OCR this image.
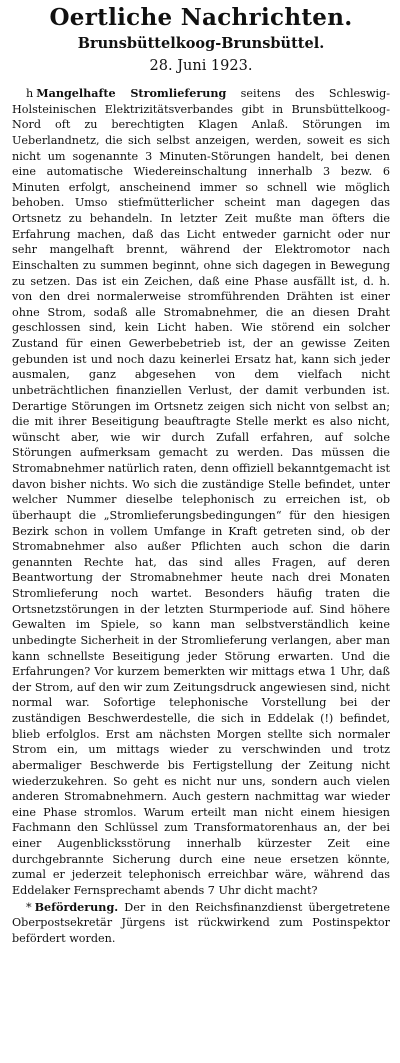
Oertliche Nachrichten.
Brunsbüttelkoog-Brunsbüttel.
28. Juni 1923.

h Mangelhafte Stromlieferung seitens des Schleswig-Holsteinischen Elektrizitätsverbandes gibt in Brunsbüttelkoog-Nord oft zu berechtigten Klagen Anlaß. Störungen im Ueberlandnetz, die sich selbst anzeigen, werden, soweit es sich nicht um sogenannte 3 Minuten-Störungen handelt, bei denen eine automatische Wiedereinschaltung innerhalb 3 bezw. 6 Minuten erfolgt, anscheinend immer so schnell wie möglich behoben. Umso stiefmütterlicher scheint man dagegen das Ortsnetz zu behandeln. In letzter Zeit mußte man öfters die Erfahrung machen, daß das Licht entweder garnicht oder nur sehr mangelhaft brennt, während der Elektromotor nach Einschalten zu summen beginnt, ohne sich dagegen in Bewegung zu setzen. Das ist ein Zeichen, daß eine Phase ausfällt ist, d. h. von den drei normalerweise stromführenden Drähten ist einer ohne Strom, sodaß alle Stromabnehmer, die an diesen Draht geschlossen sind, kein Licht haben. Wie störend ein solcher Zustand für einen Gewerbebetrieb ist, der an gewisse Zeiten gebunden ist und noch dazu keinerlei Ersatz hat, kann sich jeder ausmalen, ganz abgesehen von dem vielfach nicht unbeträchtlichen finanziellen Verlust, der damit verbunden ist. Derartige Störungen im Ortsnetz zeigen sich nicht von selbst an; die mit ihrer Beseitigung beauftragte Stelle merkt es also nicht, wünscht aber, wie wir durch Zufall erfahren, auf solche Störungen aufmerksam gemacht zu werden. Das müssen die Stromabnehmer natürlich raten, denn offiziell bekanntgemacht ist davon bisher nichts. Wo sich die zuständige Stelle befindet, unter welcher Nummer dieselbe telephonisch zu erreichen ist, ob überhaupt die „Stromlieferungsbedingungen“ für den hiesigen Bezirk schon in vollem Umfange in Kraft getreten sind, ob der Stromabnehmer also außer Pflichten auch schon die darin genannten Rechte hat, das sind alles Fragen, auf deren Beantwortung der Stromabnehmer heute nach drei Monaten Stromlieferung noch wartet. Besonders häufig traten die Ortsnetzstörungen in der letzten Sturmperiode auf. Sind höhere Gewalten im Spiele, so kann man selbstverständlich keine unbedingte Sicherheit in der Stromlieferung verlangen, aber man kann schnellste Beseitigung jeder Störung erwarten. Und die Erfahrungen? Vor kurzem bemerkten wir mittags etwa 1 Uhr, daß der Strom, auf den wir zum Zeitungsdruck angewiesen sind, nicht normal war. Sofortige telephonische Vorstellung bei der zuständigen Beschwerdestelle, die sich in Eddelak (!) befindet, blieb erfolglos. Erst am nächsten Morgen stellte sich normaler Strom ein, um mittags wieder zu verschwinden und trotz abermaliger Beschwerde bis Fertigstellung der Zeitung nicht wiederzukehren. So geht es nicht nur uns, sondern auch vielen anderen Stromabnehmern. Auch gestern nachmittag war wieder eine Phase stromlos. Warum erteilt man nicht einem hiesigen Fachmann den Schlüssel zum Transformatorenhaus an, der bei einer Augenblicksstörung innerhalb kürzester Zeit eine durchgebrannte Sicherung durch eine neue ersetzen könnte, zumal er jederzeit telephonisch erreichbar wäre, während das Eddelaker Fernsprechamt abends 7 Uhr dicht macht?

* Beförderung. Der in den Reichsfinanzdienst übergetretene Oberpostsekretär Jürgens ist rückwirkend zum Postinspektor befördert worden.
